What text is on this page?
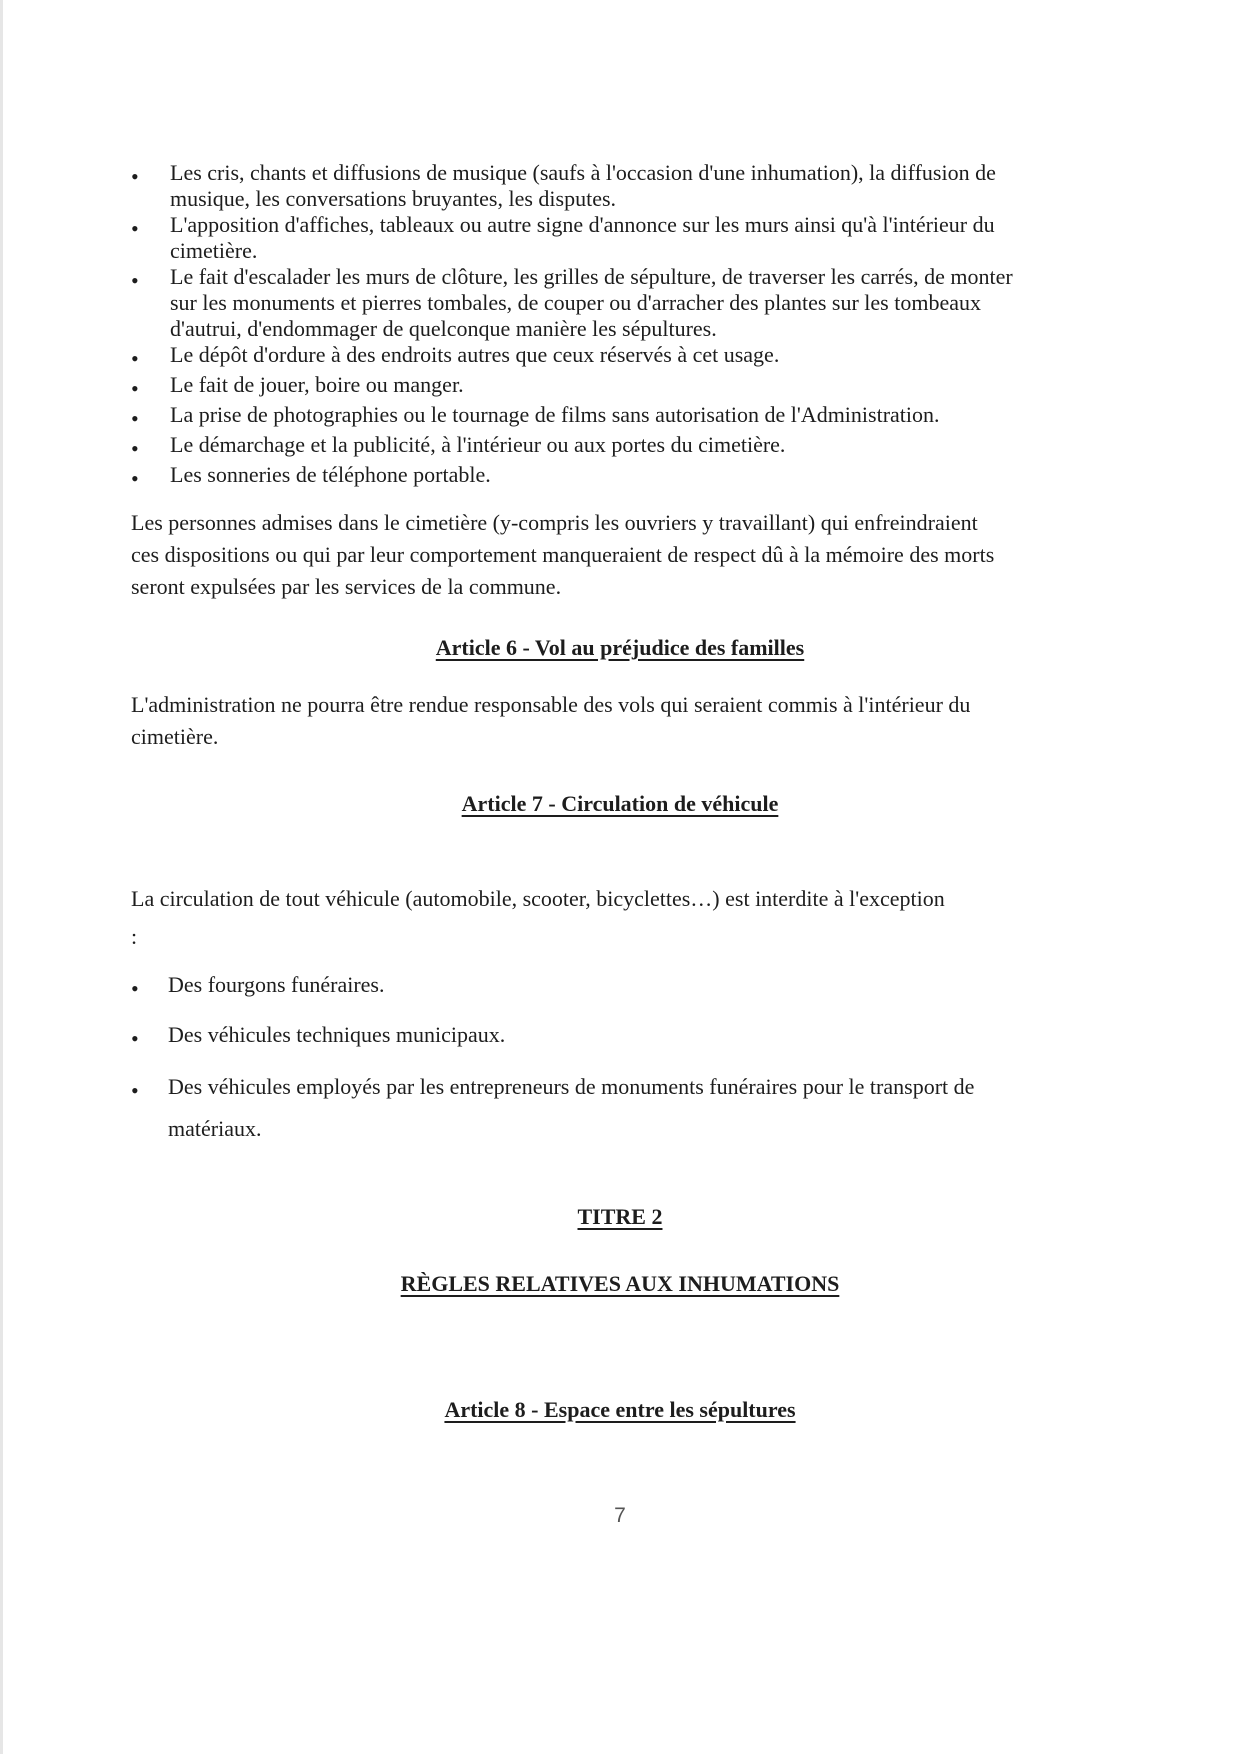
• Les cris, chants et diffusions de musique (saufs à l'occasion d'une inhumation), la diffusion de
musique, les conversations bruyantes, les disputes.
• L'apposition d'affiches, tableaux ou autre signe d'annonce sur les murs ainsi qu'à l'intérieur du
cimetière.
• Le fait d'escalader les murs de clôture, les grilles de sépulture, de traverser les carrés, de monter
sur les monuments et pierres tombales, de couper ou d'arracher des plantes sur les tombeaux
d'autrui, d'endommager de quelconque manière les sépultures.
• Le dépôt d'ordure à des endroits autres que ceux réservés à cet usage.
• Le fait de jouer, boire ou manger.
• La prise de photographies ou le tournage de films sans autorisation de l'Administration.
• Le démarchage et la publicité, à l'intérieur ou aux portes du cimetière.
• Les sonneries de téléphone portable.
Les personnes admises dans le cimetière (y-compris les ouvriers y travaillant) qui enfreindraient
ces dispositions ou qui par leur comportement manqueraient de respect dû à la mémoire des morts
seront expulsées par les services de la commune.
Article 6 - Vol au préjudice des familles
L'administration ne pourra être rendue responsable des vols qui seraient commis à l'intérieur du
cimetière.
Article 7 - Circulation de véhicule
La circulation de tout véhicule (automobile, scooter, bicyclettes…) est interdite à l'exception
:
• Des fourgons funéraires.
• Des véhicules techniques municipaux.
• Des véhicules employés par les entrepreneurs de monuments funéraires pour le transport de
matériaux.
TITRE 2
RÈGLES RELATIVES AUX INHUMATIONS
Article 8 - Espace entre les sépultures
7
